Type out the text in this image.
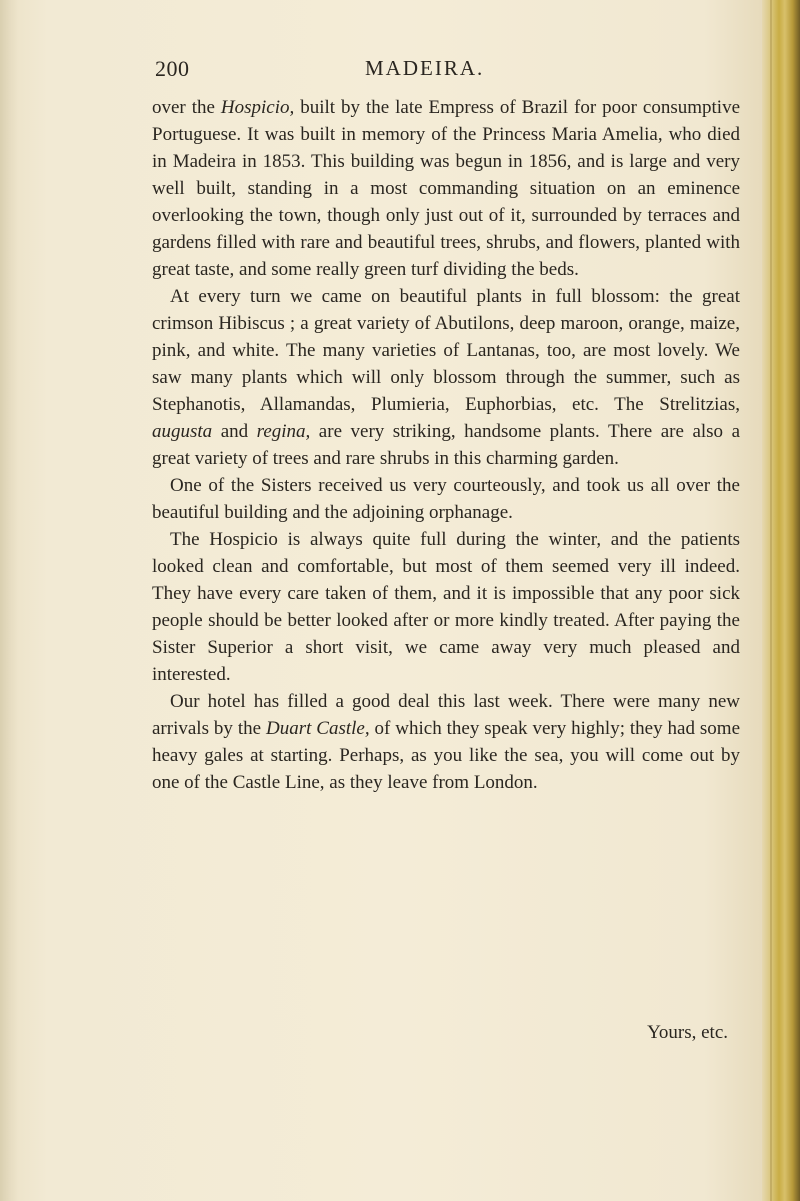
200	MADEIRA.

over the Hospicio, built by the late Empress of Brazil for poor consumptive Portuguese. It was built in memory of the Princess Maria Amelia, who died in Madeira in 1853. This building was begun in 1856, and is large and very well built, standing in a most commanding situation on an eminence overlooking the town, though only just out of it, surrounded by terraces and gardens filled with rare and beautiful trees, shrubs, and flowers, planted with great taste, and some really green turf dividing the beds.

At every turn we came on beautiful plants in full blossom: the great crimson Hibiscus ; a great variety of Abutilons, deep maroon, orange, maize, pink, and white. The many varieties of Lantanas, too, are most lovely. We saw many plants which will only blossom through the summer, such as Stephanotis, Allamandas, Plumieria, Euphorbias, etc. The Strelitzias, augusta and regina, are very striking, handsome plants. There are also a great variety of trees and rare shrubs in this charming garden.

One of the Sisters received us very courteously, and took us all over the beautiful building and the adjoining orphanage.

The Hospicio is always quite full during the winter, and the patients looked clean and comfortable, but most of them seemed very ill indeed. They have every care taken of them, and it is impossible that any poor sick people should be better looked after or more kindly treated. After paying the Sister Superior a short visit, we came away very much pleased and interested.

Our hotel has filled a good deal this last week. There were many new arrivals by the Duart Castle, of which they speak very highly; they had some heavy gales at starting. Perhaps, as you like the sea, you will come out by one of the Castle Line, as they leave from London.

Yours, etc.
